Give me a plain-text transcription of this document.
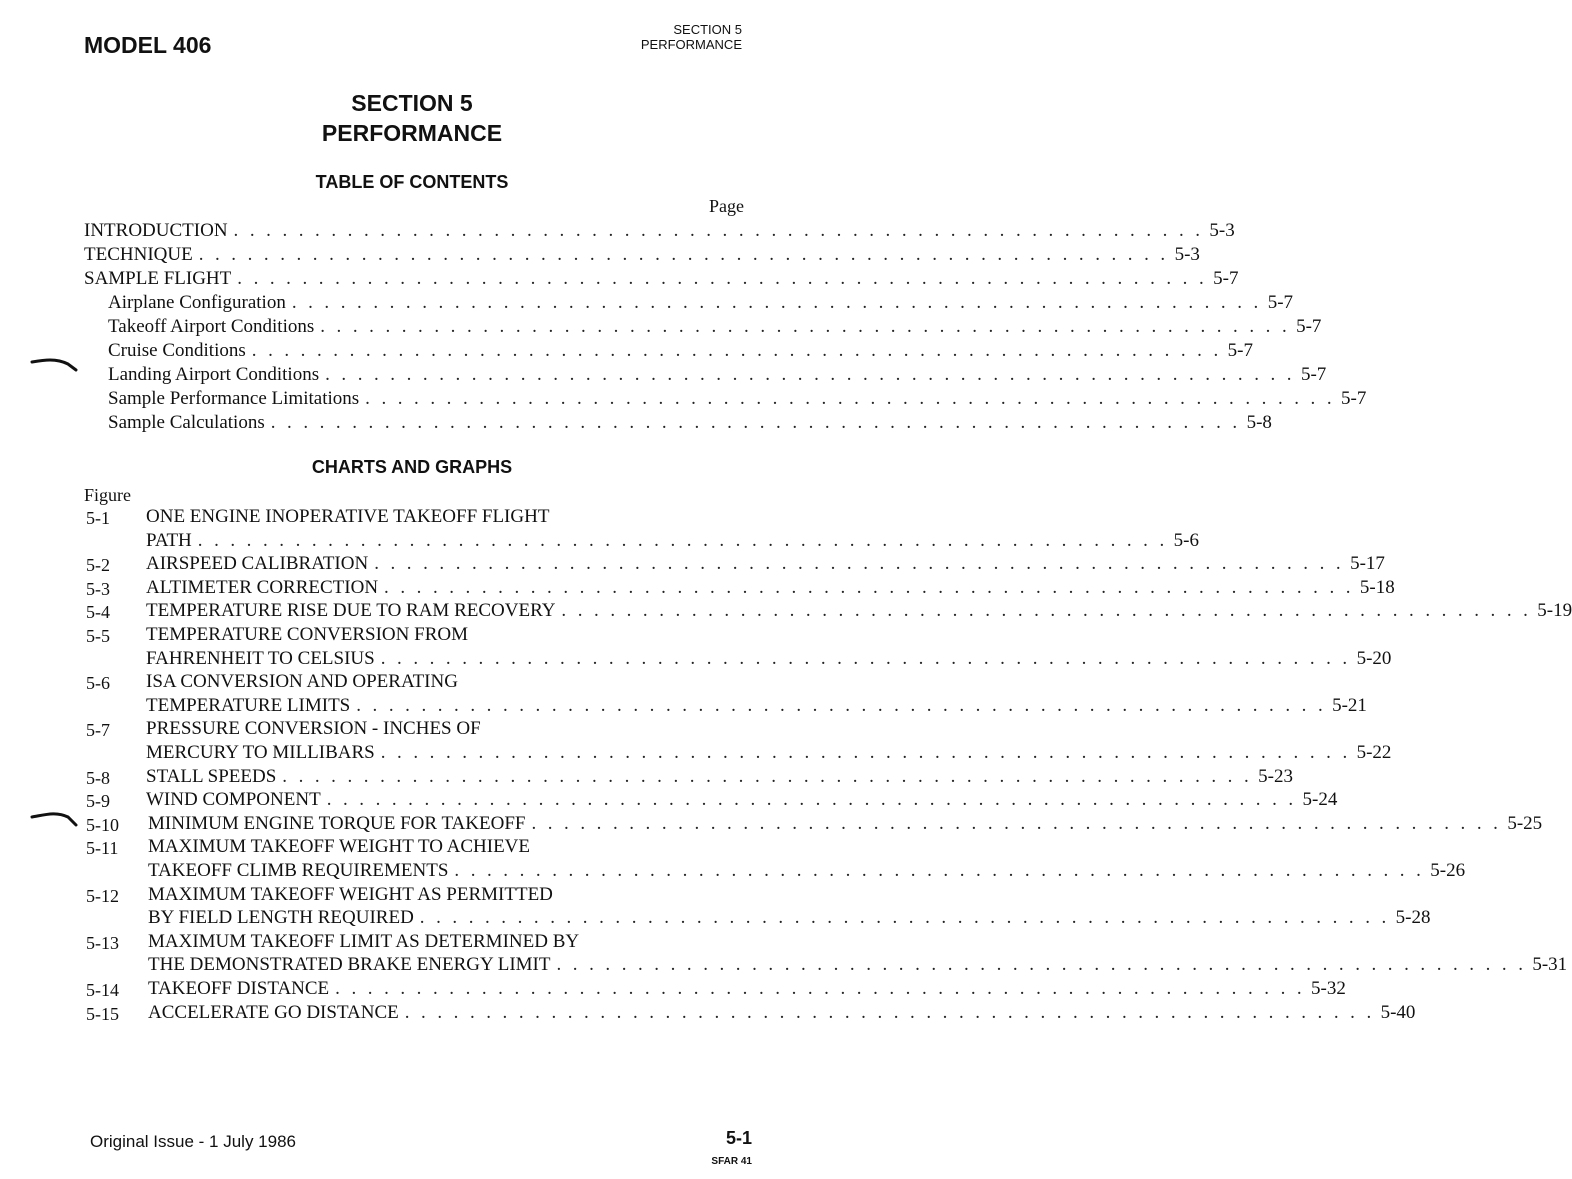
MODEL 406
SECTION 5
PERFORMANCE
SECTION 5
PERFORMANCE
TABLE OF CONTENTS
Page
INTRODUCTION . . . . . . . . . . . . . . . . . . . . . . . . . . . . . . . . . . . . . . . . . . . . . . . . . . . . . . . . . . . . 5-3
TECHNIQUE . . . . . . . . . . . . . . . . . . . . . . . . . . . . . . . . . . . . . . . . . . . . . . . . . . . . . . . . . . . . 5-3
SAMPLE FLIGHT . . . . . . . . . . . . . . . . . . . . . . . . . . . . . . . . . . . . . . . . . . . . . . . . . . . . . . . . . . . . 5-7
Airplane Configuration . . . . . . . . . . . . . . . . . . . . . . . . . . . . . . . . . . . . . . . . . . . . . . . . . . . . . . . . . . . . 5-7
Takeoff Airport Conditions . . . . . . . . . . . . . . . . . . . . . . . . . . . . . . . . . . . . . . . . . . . . . . . . . . . . . . . . . . . . 5-7
Cruise Conditions . . . . . . . . . . . . . . . . . . . . . . . . . . . . . . . . . . . . . . . . . . . . . . . . . . . . . . . . . . . . 5-7
Landing Airport Conditions . . . . . . . . . . . . . . . . . . . . . . . . . . . . . . . . . . . . . . . . . . . . . . . . . . . . . . . . . . . . 5-7
Sample Performance Limitations . . . . . . . . . . . . . . . . . . . . . . . . . . . . . . . . . . . . . . . . . . . . . . . . . . . . . . . . . . . . 5-7
Sample Calculations . . . . . . . . . . . . . . . . . . . . . . . . . . . . . . . . . . . . . . . . . . . . . . . . . . . . . . . . . . . . 5-8
CHARTS AND GRAPHS
Figure
5-1 ONE ENGINE INOPERATIVE TAKEOFF FLIGHT
PATH . . . . . . . . . . . . . . . . . . . . . . . . . . . . . . . . . . . . . . . . . . . . . . . . . . . . . . . . . . . . 5-6
5-2 AIRSPEED CALIBRATION . . . . . . . . . . . . . . . . . . . . . . . . . . . . . . . . . . . . . . . . . . . . . . . . . . . . . . . . . . . . 5-17
5-3 ALTIMETER CORRECTION . . . . . . . . . . . . . . . . . . . . . . . . . . . . . . . . . . . . . . . . . . . . . . . . . . . . . . . . . . . . 5-18
5-4 TEMPERATURE RISE DUE TO RAM RECOVERY . . . . . . . . . . . . . . . . . . . . . . . . . . . . . . . . . . . . . . . . . . . . . . . . . . . . . . . . . . . . 5-19
5-5 TEMPERATURE CONVERSION FROM
FAHRENHEIT TO CELSIUS . . . . . . . . . . . . . . . . . . . . . . . . . . . . . . . . . . . . . . . . . . . . . . . . . . . . . . . . . . . . 5-20
5-6 ISA CONVERSION AND OPERATING
TEMPERATURE LIMITS . . . . . . . . . . . . . . . . . . . . . . . . . . . . . . . . . . . . . . . . . . . . . . . . . . . . . . . . . . . . 5-21
5-7 PRESSURE CONVERSION - INCHES OF
MERCURY TO MILLIBARS . . . . . . . . . . . . . . . . . . . . . . . . . . . . . . . . . . . . . . . . . . . . . . . . . . . . . . . . . . . . 5-22
5-8 STALL SPEEDS . . . . . . . . . . . . . . . . . . . . . . . . . . . . . . . . . . . . . . . . . . . . . . . . . . . . . . . . . . . . 5-23
5-9 WIND COMPONENT . . . . . . . . . . . . . . . . . . . . . . . . . . . . . . . . . . . . . . . . . . . . . . . . . . . . . . . . . . . . 5-24
5-10 MINIMUM ENGINE TORQUE FOR TAKEOFF . . . . . . . . . . . . . . . . . . . . . . . . . . . . . . . . . . . . . . . . . . . . . . . . . . . . . . . . . . . . 5-25
5-11 MAXIMUM TAKEOFF WEIGHT TO ACHIEVE
TAKEOFF CLIMB REQUIREMENTS . . . . . . . . . . . . . . . . . . . . . . . . . . . . . . . . . . . . . . . . . . . . . . . . . . . . . . . . . . . . 5-26
5-12 MAXIMUM TAKEOFF WEIGHT AS PERMITTED
BY FIELD LENGTH REQUIRED . . . . . . . . . . . . . . . . . . . . . . . . . . . . . . . . . . . . . . . . . . . . . . . . . . . . . . . . . . . . 5-28
5-13 MAXIMUM TAKEOFF LIMIT AS DETERMINED BY
THE DEMONSTRATED BRAKE ENERGY LIMIT . . . . . . . . . . . . . . . . . . . . . . . . . . . . . . . . . . . . . . . . . . . . . . . . . . . . . . . . . . . . 5-31
5-14 TAKEOFF DISTANCE . . . . . . . . . . . . . . . . . . . . . . . . . . . . . . . . . . . . . . . . . . . . . . . . . . . . . . . . . . . . 5-32
5-15 ACCELERATE GO DISTANCE . . . . . . . . . . . . . . . . . . . . . . . . . . . . . . . . . . . . . . . . . . . . . . . . . . . . . . . . . . . . 5-40
Original Issue - 1 July 1986	5-1
SFAR 41
